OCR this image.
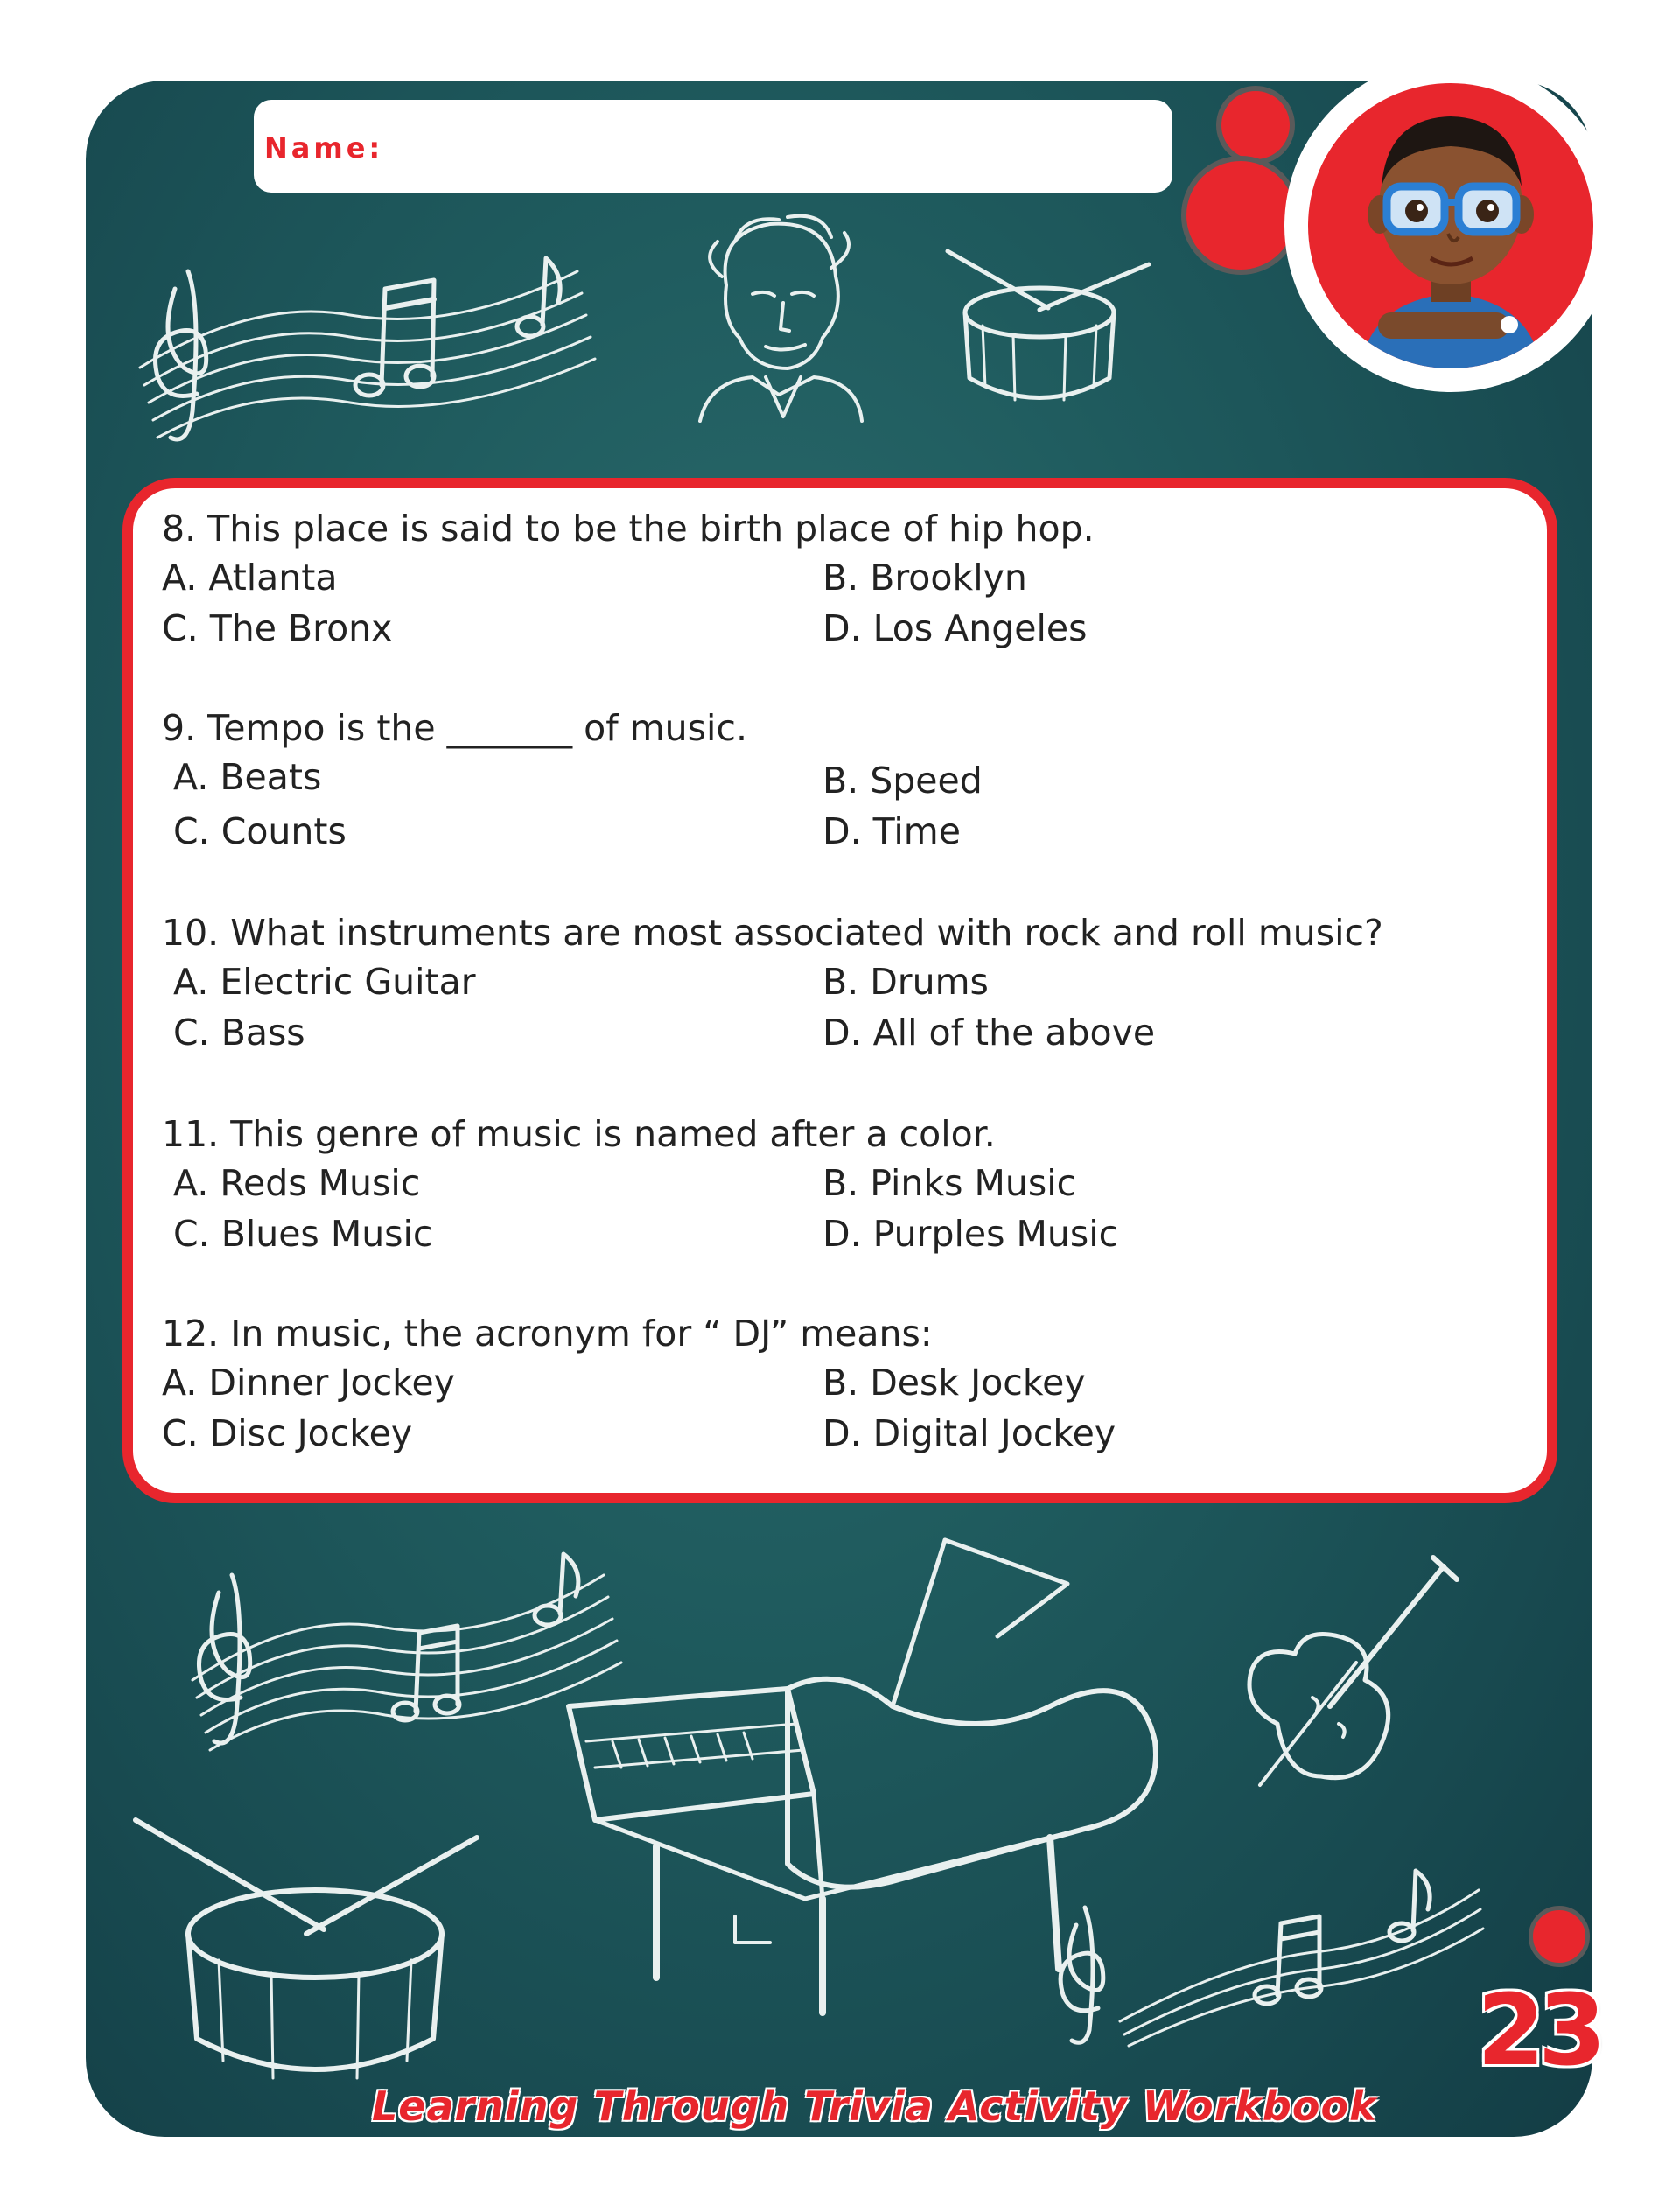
Name:
8. This place is said to be the birth place of hip hop.
A. Atlanta	B. Brooklyn
C. The Bronx	D. Los Angeles
9. Tempo is the _______ of music.
A. Beats	B. Speed
C. Counts	D. Time
10. What instruments are most associated with rock and roll music?
A. Electric Guitar	B. Drums
C. Bass	D. All of the above
11. This genre of music is named after a color.
A. Reds Music	B. Pinks Music
C. Blues Music	D. Purples Music
12. In music, the acronym for “ DJ” means:
A. Dinner Jockey	B. Desk Jockey
C. Disc Jockey	D. Digital Jockey
Learning Through Trivia Activity Workbook
23
